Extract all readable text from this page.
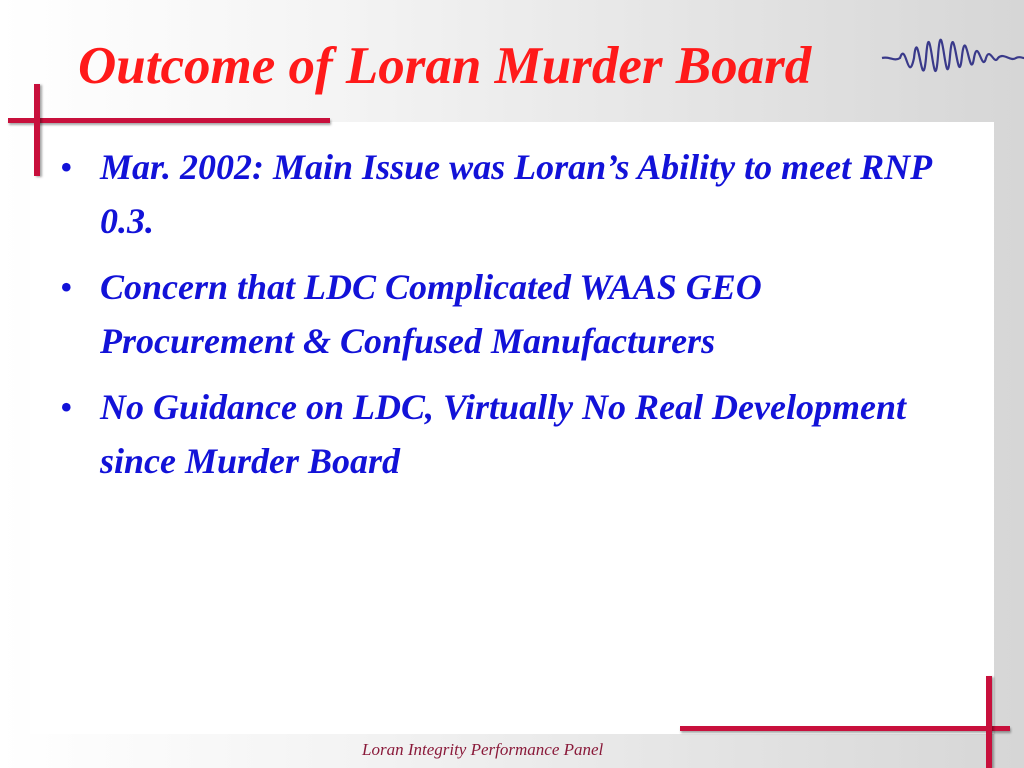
Outcome of Loran Murder Board
• Mar. 2002: Main Issue was Loran’s Ability to meet RNP 0.3.
• Concern that LDC Complicated WAAS GEO Procurement & Confused Manufacturers
• No Guidance on LDC, Virtually No Real Development since Murder Board

Loran Integrity Performance Panel
